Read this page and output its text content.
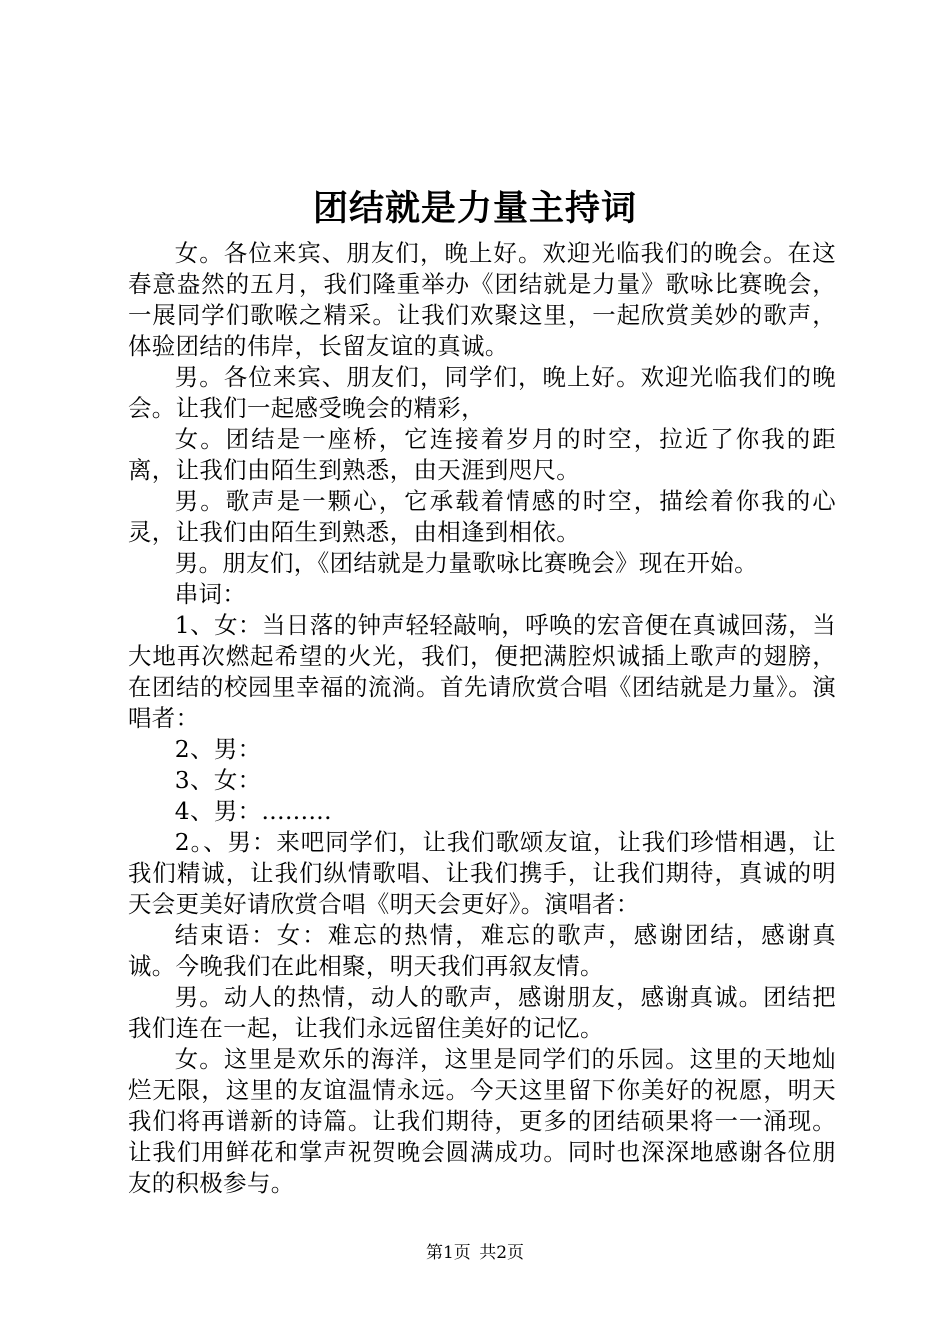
团结就是力量主持词

女。各位来宾、朋友们，晚上好。欢迎光临我们的晚会。在这春意盎然的五月，我们隆重举办《团结就是力量》歌咏比赛晚会，一展同学们歌喉之精采。让我们欢聚这里，一起欣赏美妙的歌声，体验团结的伟岸，长留友谊的真诚。

男。各位来宾、朋友们，同学们，晚上好。欢迎光临我们的晚会。让我们一起感受晚会的精彩，

女。团结是一座桥，它连接着岁月的时空，拉近了你我的距离，让我们由陌生到熟悉，由天涯到咫尺。

男。歌声是一颗心，它承载着情感的时空，描绘着你我的心灵，让我们由陌生到熟悉，由相逢到相依。

男。朋友们，《团结就是力量歌咏比赛晚会》现在开始。

串词：

1、女：当日落的钟声轻轻敲响，呼唤的宏音便在真诚回荡，当大地再次燃起希望的火光，我们，便把满腔炽诚插上歌声的翅膀，在团结的校园里幸福的流淌。首先请欣赏合唱《团结就是力量》。演唱者：

2、男：

3、女：

4、男：.........

2。、男：来吧同学们，让我们歌颂友谊，让我们珍惜相遇，让我们精诚，让我们纵情歌唱、让我们携手，让我们期待，真诚的明天会更美好请欣赏合唱《明天会更好》。演唱者：

结束语：女：难忘的热情，难忘的歌声，感谢团结，感谢真诚。今晚我们在此相聚，明天我们再叙友情。

男。动人的热情，动人的歌声，感谢朋友，感谢真诚。团结把我们连在一起，让我们永远留住美好的记忆。

女。这里是欢乐的海洋，这里是同学们的乐园。这里的天地灿烂无限，这里的友谊温情永远。今天这里留下你美好的祝愿，明天我们将再谱新的诗篇。让我们期待，更多的团结硕果将一一涌现。让我们用鲜花和掌声祝贺晚会圆满成功。同时也深深地感谢各位朋友的积极参与。

第1页 共2页
